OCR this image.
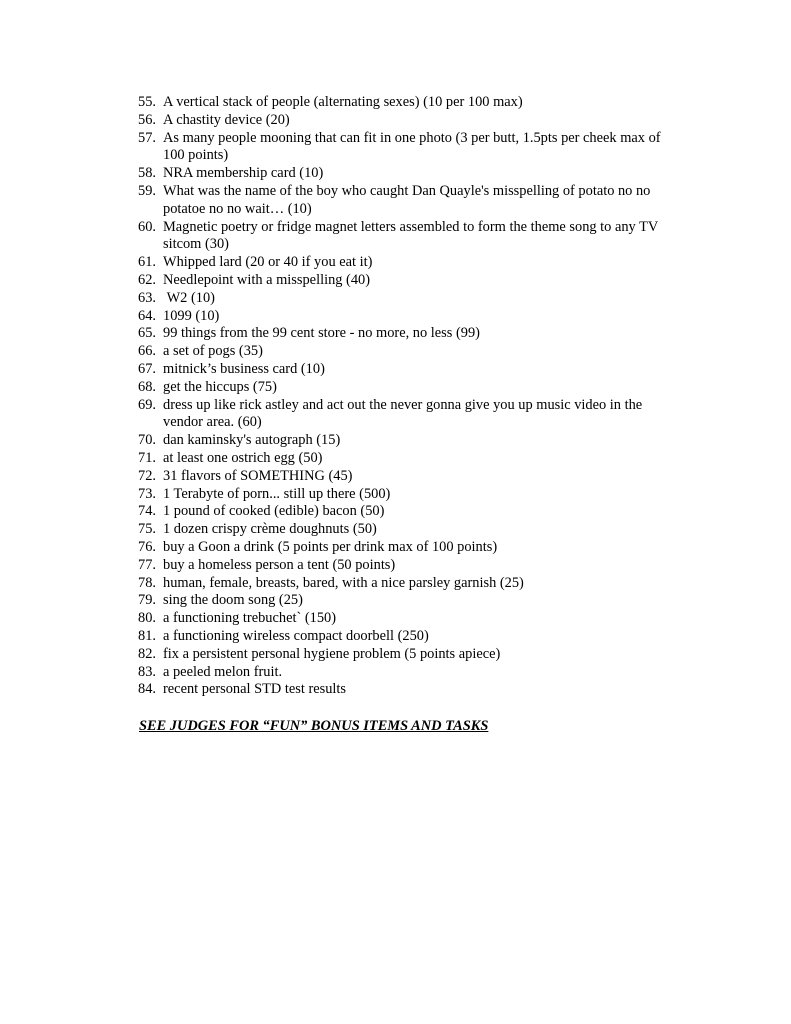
55. A vertical stack of people (alternating sexes) (10 per 100 max)
56. A chastity device (20)
57. As many people mooning that can fit in one photo (3 per butt, 1.5pts per cheek max of 100 points)
58. NRA membership card (10)
59. What was the name of the boy who caught Dan Quayle's misspelling of potato no no potatoe no no wait… (10)
60. Magnetic poetry or fridge magnet letters assembled to form the theme song to any TV sitcom (30)
61. Whipped lard (20 or 40 if you eat it)
62. Needlepoint with a misspelling (40)
63. W2 (10)
64. 1099 (10)
65. 99 things from the 99 cent store - no more, no less (99)
66. a set of pogs (35)
67. mitnick’s business card (10)
68. get the hiccups (75)
69. dress up like rick astley and act out the never gonna give you up music video in the vendor area. (60)
70. dan kaminsky's autograph (15)
71. at least one ostrich egg (50)
72. 31 flavors of SOMETHING (45)
73. 1 Terabyte of porn... still up there (500)
74. 1 pound of cooked (edible) bacon (50)
75. 1 dozen crispy crème doughnuts (50)
76. buy a Goon a drink (5 points per drink max of 100 points)
77. buy a homeless person a tent (50 points)
78. human, female, breasts, bared, with a nice parsley garnish (25)
79. sing the doom song (25)
80. a functioning trebuchet` (150)
81. a functioning wireless compact doorbell (250)
82. fix a persistent personal hygiene problem (5 points apiece)
83. a peeled melon fruit.
84. recent personal STD test results
SEE JUDGES FOR “FUN” BONUS ITEMS AND TASKS
